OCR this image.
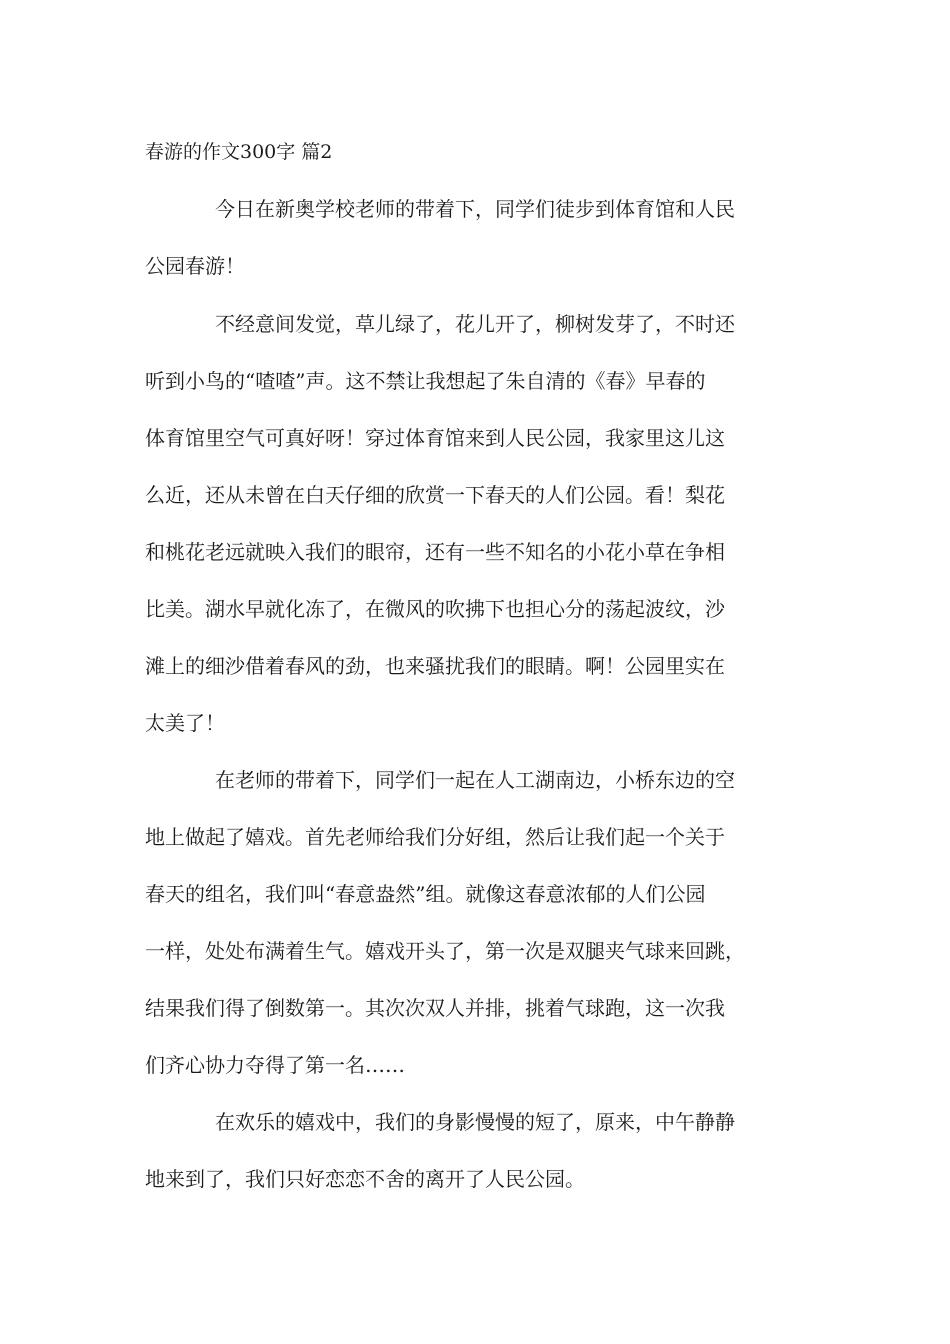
春游的作文300字 篇2
今日在新奥学校老师的带着下，同学们徒步到体育馆和人民
公园春游！
不经意间发觉，草儿绿了，花儿开了，柳树发芽了，不时还
听到小鸟的“喳喳”声。这不禁让我想起了朱自清的《春》早春的
体育馆里空气可真好呀！穿过体育馆来到人民公园，我家里这儿这
么近，还从未曾在白天仔细的欣赏一下春天的人们公园。看！梨花
和桃花老远就映入我们的眼帘，还有一些不知名的小花小草在争相
比美。湖水早就化冻了，在微风的吹拂下也担心分的荡起波纹，沙
滩上的细沙借着春风的劲，也来骚扰我们的眼睛。啊！公园里实在
太美了！
在老师的带着下，同学们一起在人工湖南边，小桥东边的空
地上做起了嬉戏。首先老师给我们分好组，然后让我们起一个关于
春天的组名，我们叫“春意盎然”组。就像这春意浓郁的人们公园
一样，处处布满着生气。嬉戏开头了，第一次是双腿夹气球来回跳，
结果我们得了倒数第一。其次次双人并排，挑着气球跑，这一次我
们齐心协力夺得了第一名……
在欢乐的嬉戏中，我们的身影慢慢的短了，原来，中午静静
地来到了，我们只好恋恋不舍的离开了人民公园。
